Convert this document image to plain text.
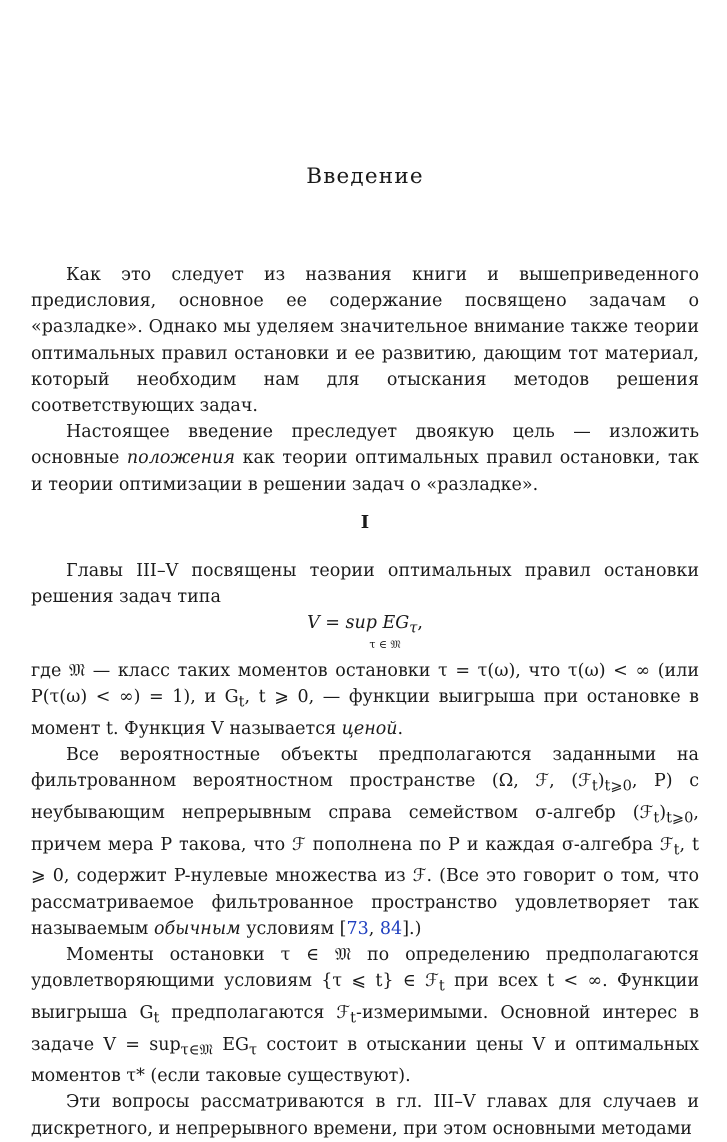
Введение

Как это следует из названия книги и вышеприведенного предисловия, основное ее содержание посвящено задачам о «разладке». Однако мы уделяем значительное внимание также теории оптимальных правил остановки и ее развитию, дающим тот материал, который необходим нам для отыскания методов решения соответствующих задач.

Настоящее введение преследует двоякую цель — изложить основные положения как теории оптимальных правил остановки, так и теории оптимизации в решении задач о «разладке».

I

Главы III–V посвящены теории оптимальных правил остановки решения задач типа

V = sup $EG_\tau$,
τ ∈ 𝔐

где 𝔐 — класс таких моментов остановки τ = τ(ω), что τ(ω) < ∞ (или P(τ(ω) < ∞) = 1), и $G_t$, t ⩾ 0, — функции выигрыша при остановке в момент t. Функция V называется ценой.

Все вероятностные объекты предполагаются заданными на фильтрованном вероятностном пространстве (Ω, ℱ, $(ℱ_t)_{t⩾0}$, P) с неубывающим непрерывным справа семейством σ-алгебр $(ℱ_t)_{t⩾0}$, причем мера P такова, что ℱ пополнена по P и каждая σ-алгебра ℱ$_t$, t ⩾ 0, содержит P-нулевые множества из ℱ. (Все это говорит о том, что рассматриваемое фильтрованное пространство удовлетворяет так называемым обычным условиям [73, 84].)

Моменты остановки τ ∈ 𝔐 по определению предполагаются удовлетворяющими условиям {τ ⩽ t} ∈ ℱ$_t$ при всех t < ∞. Функции выигрыша $G_t$ предполагаются ℱ$_t$-измеримыми. Основной интерес в задаче V = sup$_{\tau\in 𝔐}$ $EG_\tau$ состоит в отыскании цены V и оптимальных моментов τ* (если таковые существуют).

Эти вопросы рассматриваются в гл. III–V главах для случаев и дискретного, и непрерывного времени, при этом основными методами
